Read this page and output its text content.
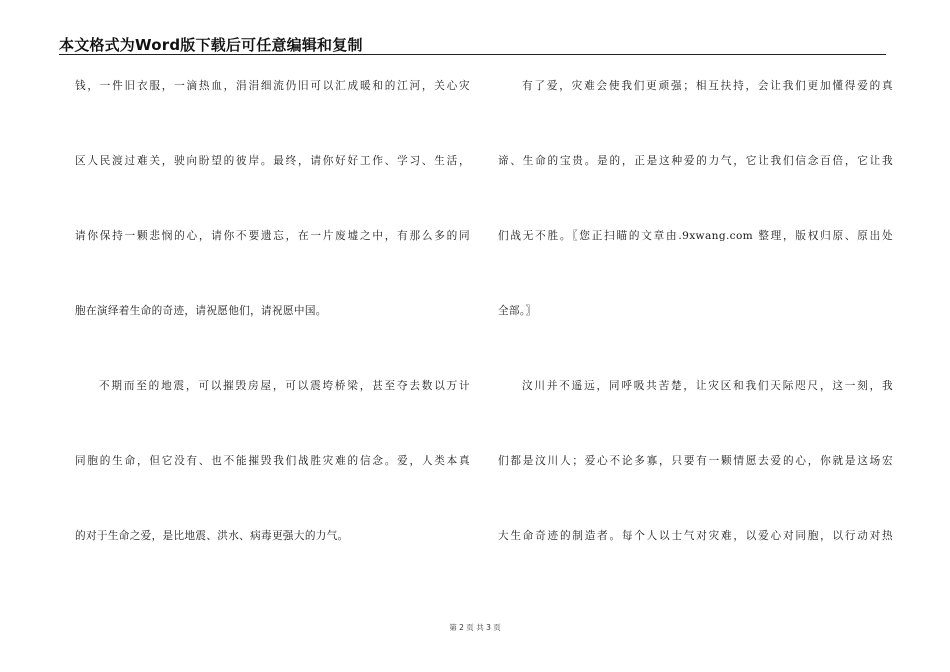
本文格式为Word版下载后可任意编辑和复制
钱，一件旧衣服，一滴热血，涓涓细流仍旧可以汇成暖和的江河，关心灾
区人民渡过难关，驶向盼望的彼岸。最终，请你好好工作、学习、生活，
请你保持一颗悲悯的心，请你不要遗忘，在一片废墟之中，有那么多的同
胞在演绎着生命的奇迹，请祝愿他们，请祝愿中国。
不期而至的地震，可以摧毁房屋，可以震垮桥梁，甚至夺去数以万计
同胞的生命，但它没有、也不能摧毁我们战胜灾难的信念。爱，人类本真
的对于生命之爱，是比地震、洪水、病毒更强大的力气。
有了爱，灾难会使我们更顽强；相互扶持，会让我们更加懂得爱的真
谛、生命的宝贵。是的，正是这种爱的力气，它让我们信念百倍，它让我
们战无不胜。〖您正扫瞄的文章由.9xwang.com 整理，版权归原、原出处
全部。〗
汶川并不遥远，同呼吸共苦楚，让灾区和我们天际咫尺，这一刻，我
们都是汶川人；爱心不论多寡，只要有一颗情愿去爱的心，你就是这场宏
大生命奇迹的制造者。每个人以士气对灾难，以爱心对同胞，以行动对热
第 2 页 共 3 页
